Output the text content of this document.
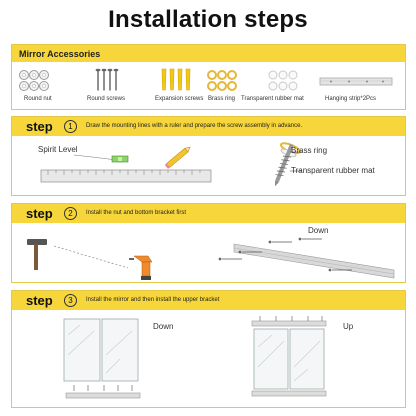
Installation steps
Mirror Accessories
Round nut	Round screws	Expansion screws Brass ring Transparent rubber mat	Hanging strip*2Pcs
step	1	Draw the mounting lines with a ruler and prepare the screw assembly in advance.
Spirit Level	Brass ring
Transparent rubber mat
step	2	Install the nut and bottom bracket first
Down
step	3	Install the mirror and then install the upper bracket
Down	Up
